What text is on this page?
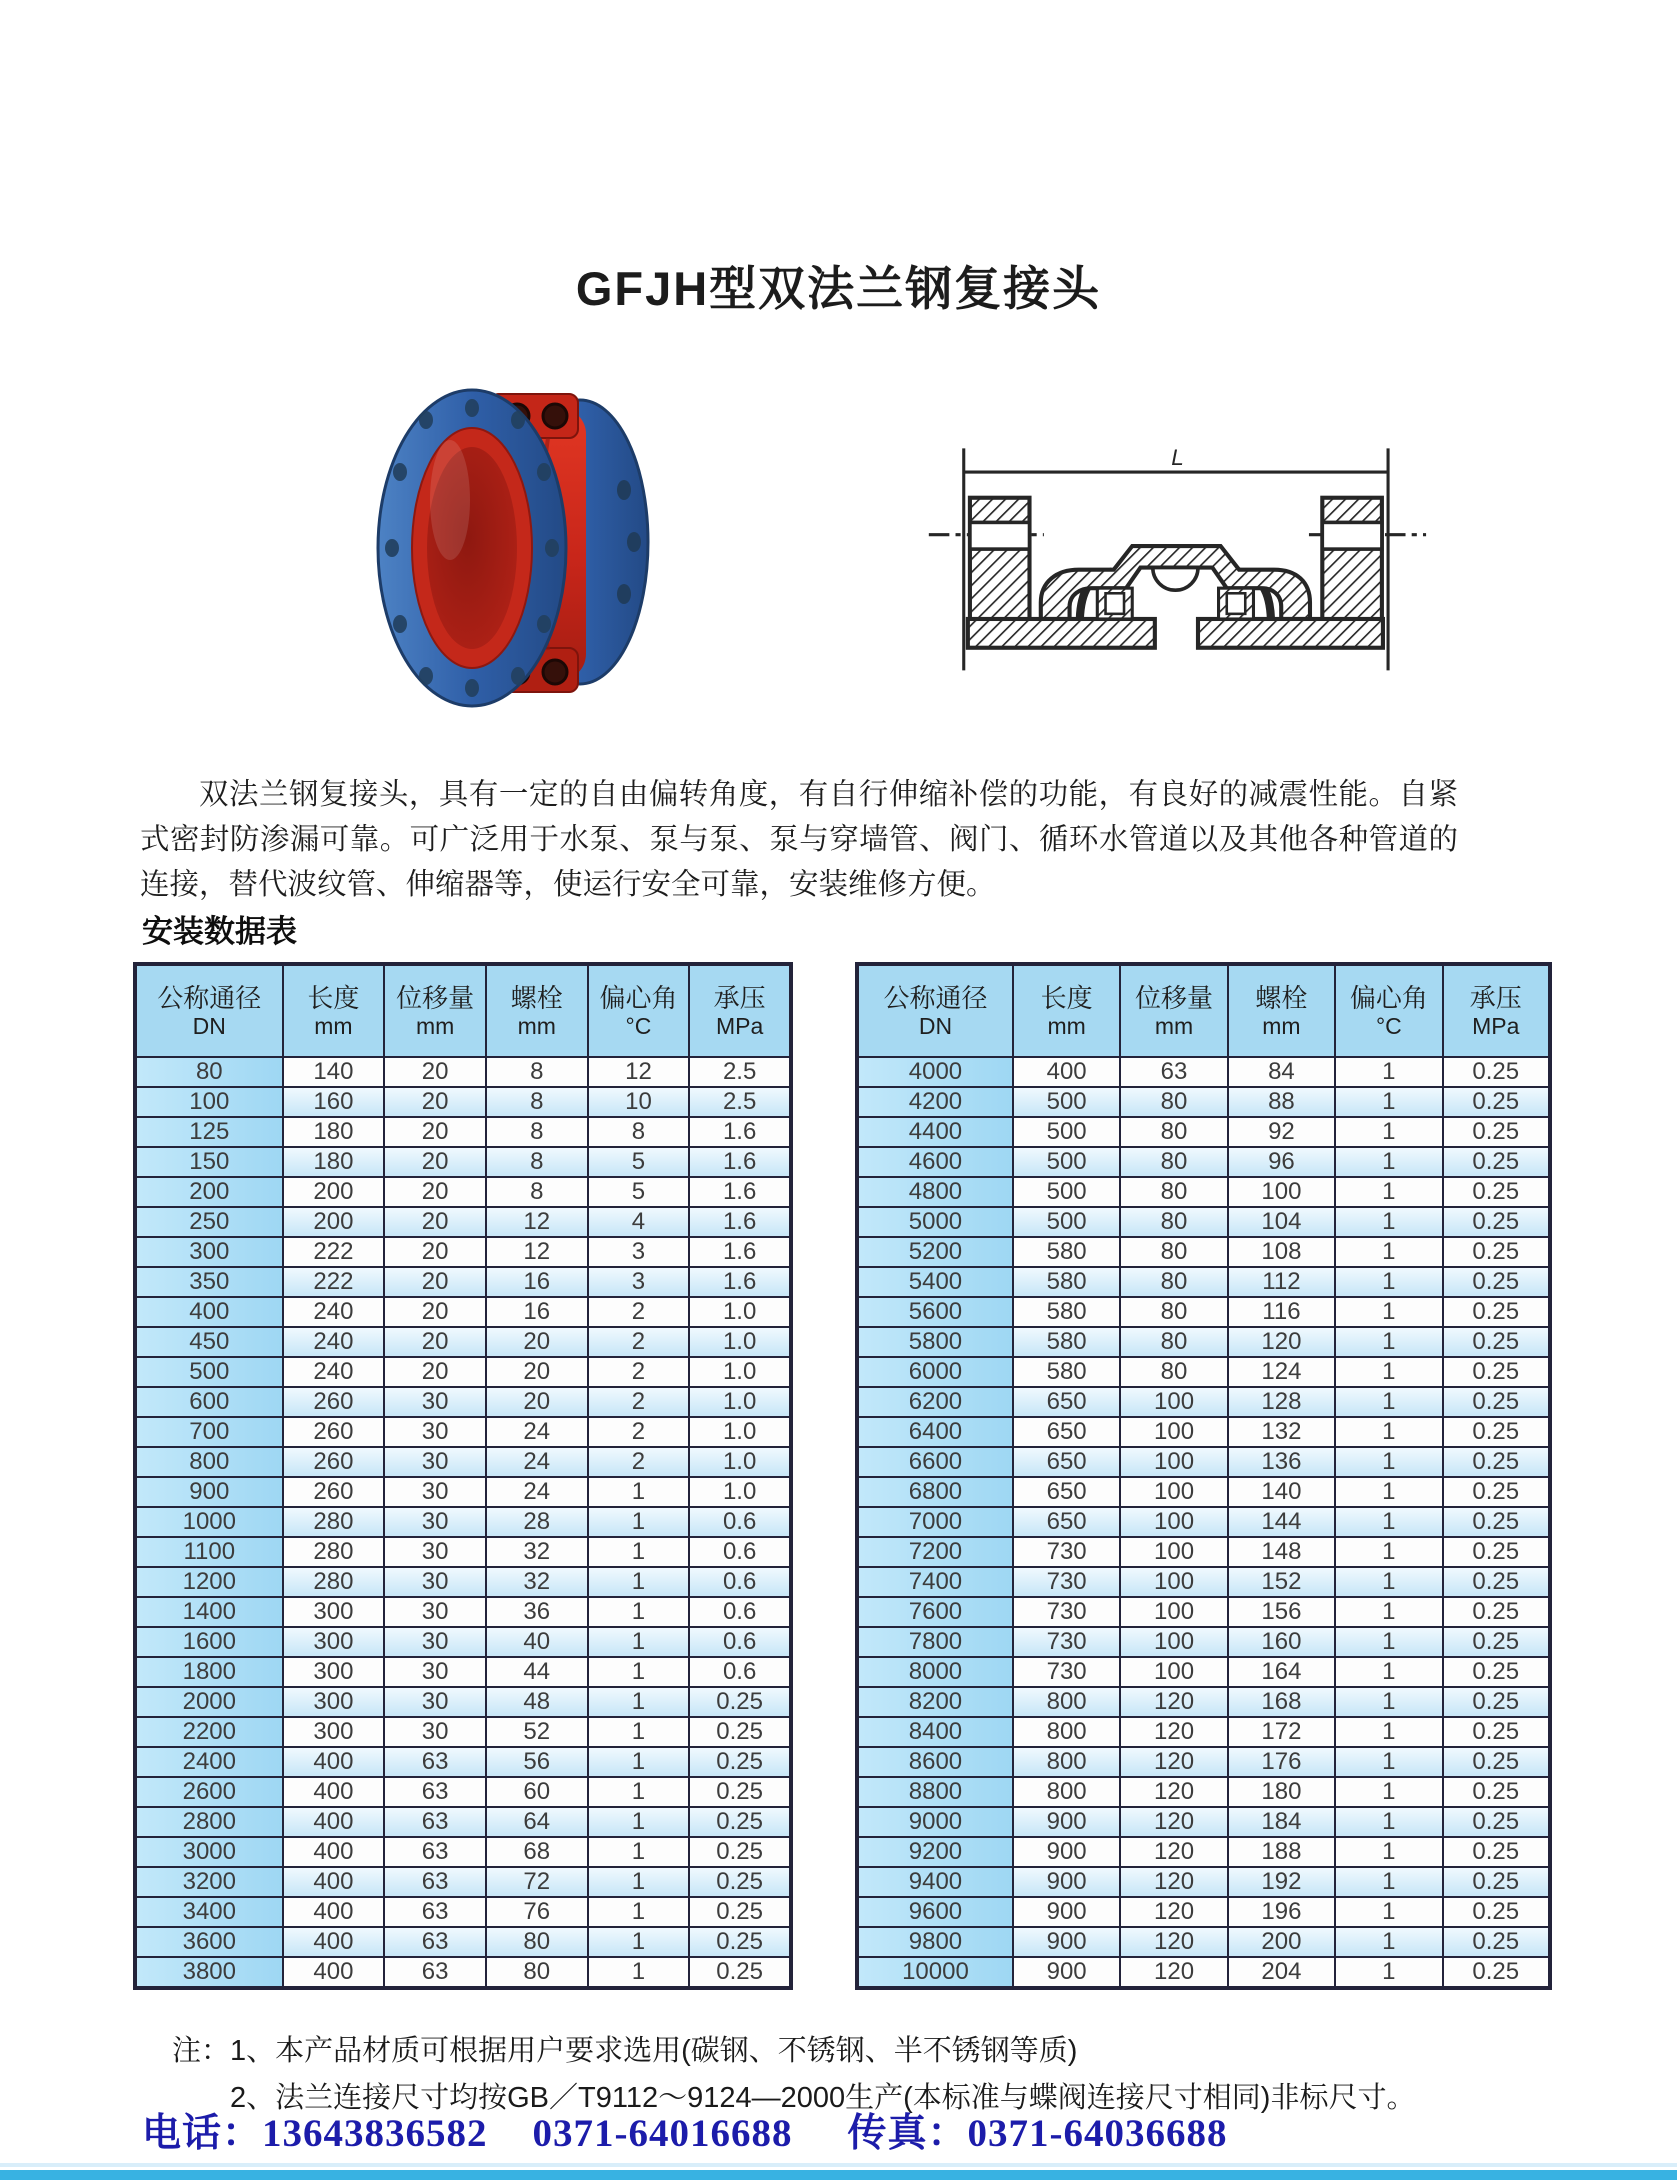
GFJH型双法兰钢复接头
L
双法兰钢复接头，具有一定的自由偏转角度，有自行伸缩补偿的功能，有良好的减震性能。自紧式密封防渗漏可靠。可广泛用于水泵、泵与泵、泵与穿墙管、阀门、循环水管道以及其他各种管道的连接，替代波纹管、伸缩器等，使运行安全可靠，安装维修方便。
安装数据表
公称通径
DN

长度
mm

位移量
mm

螺栓
mm

偏心角
°C

承压
MPa

80	140	20	8	12	2.5
100	160	20	8	10	2.5
125	180	20	8	8	1.6
150	180	20	8	5	1.6
200	200	20	8	5	1.6
250	200	20	12	4	1.6
300	222	20	12	3	1.6
350	222	20	16	3	1.6
400	240	20	16	2	1.0
450	240	20	20	2	1.0
500	240	20	20	2	1.0
600	260	30	20	2	1.0
700	260	30	24	2	1.0
800	260	30	24	2	1.0
900	260	30	24	1	1.0
1000	280	30	28	1	0.6
1100	280	30	32	1	0.6
1200	280	30	32	1	0.6
1400	300	30	36	1	0.6
1600	300	30	40	1	0.6
1800	300	30	44	1	0.6
2000	300	30	48	1	0.25
2200	300	30	52	1	0.25
2400	400	63	56	1	0.25
2600	400	63	60	1	0.25
2800	400	63	64	1	0.25
3000	400	63	68	1	0.25
3200	400	63	72	1	0.25
3400	400	63	76	1	0.25
3600	400	63	80	1	0.25
3800	400	63	80	1	0.25
公称通径
DN

长度
mm

位移量
mm

螺栓
mm

偏心角
°C

承压
MPa

4000	400	63	84	1	0.25
4200	500	80	88	1	0.25
4400	500	80	92	1	0.25
4600	500	80	96	1	0.25
4800	500	80	100	1	0.25
5000	500	80	104	1	0.25
5200	580	80	108	1	0.25
5400	580	80	112	1	0.25
5600	580	80	116	1	0.25
5800	580	80	120	1	0.25
6000	580	80	124	1	0.25
6200	650	100	128	1	0.25
6400	650	100	132	1	0.25
6600	650	100	136	1	0.25
6800	650	100	140	1	0.25
7000	650	100	144	1	0.25
7200	730	100	148	1	0.25
7400	730	100	152	1	0.25
7600	730	100	156	1	0.25
7800	730	100	160	1	0.25
8000	730	100	164	1	0.25
8200	800	120	168	1	0.25
8400	800	120	172	1	0.25
8600	800	120	176	1	0.25
8800	800	120	180	1	0.25
9000	900	120	184	1	0.25
9200	900	120	188	1	0.25
9400	900	120	192	1	0.25
9600	900	120	196	1	0.25
9800	900	120	200	1	0.25
10000	900	120	204	1	0.25
注：1、本产品材质可根据用户要求选用(碳钢、不锈钢、半不锈钢等质)
2、法兰连接尺寸均按GB／T9112～9124—2000生产(本标准与蝶阀连接尺寸相同)非标尺寸。
电话：13643836582 0371-64016688 传真：0371-64036688
